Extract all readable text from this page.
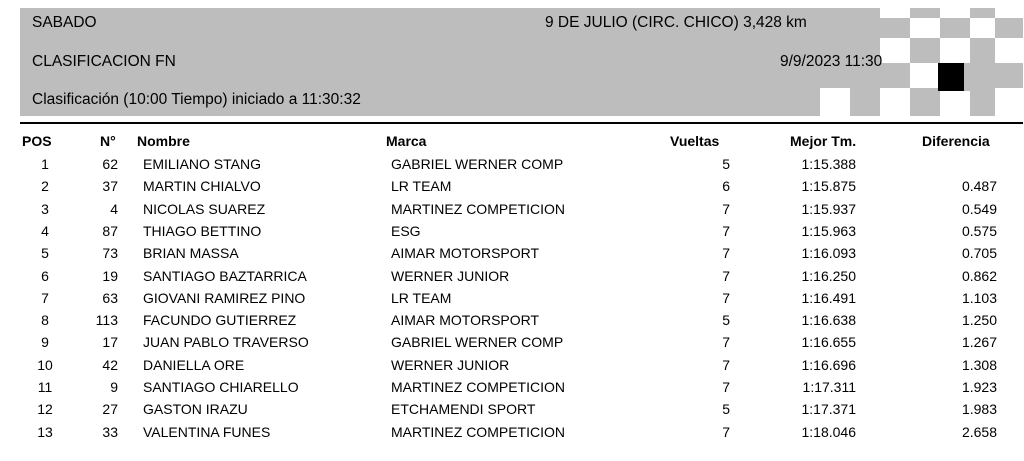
SABADO	9 DE JULIO (CIRC. CHICO) 3,428 km
CLASIFICACION FN	9/9/2023 11:30
Clasificación (10:00 Tiempo) iniciado a 11:30:32
POS	N° Nombre	Marca	Vueltas	Mejor Tm.	Diferencia
1	62 EMILIANO STANG	GABRIEL WERNER COMP	5	1:15.388
2	37 MARTIN CHIALVO	LR TEAM	6	1:15.875	0.487
3	4 NICOLAS SUAREZ	MARTINEZ COMPETICION	7	1:15.937	0.549
4	87 THIAGO BETTINO	ESG	7	1:15.963	0.575
5	73 BRIAN MASSA	AIMAR MOTORSPORT	7	1:16.093	0.705
6	19 SANTIAGO BAZTARRICA	WERNER JUNIOR	7	1:16.250	0.862
7	63 GIOVANI RAMIREZ PINO	LR TEAM	7	1:16.491	1.103
8	113 FACUNDO GUTIERREZ	AIMAR MOTORSPORT	5	1:16.638	1.250
9	17 JUAN PABLO TRAVERSO	GABRIEL WERNER COMP	7	1:16.655	1.267
10	42 DANIELLA ORE	WERNER JUNIOR	7	1:16.696	1.308
11	9 SANTIAGO CHIARELLO	MARTINEZ COMPETICION	7	1:17.311	1.923
12	27 GASTON IRAZU	ETCHAMENDI SPORT	5	1:17.371	1.983
13	33 VALENTINA FUNES	MARTINEZ COMPETICION	7	1:18.046	2.658
